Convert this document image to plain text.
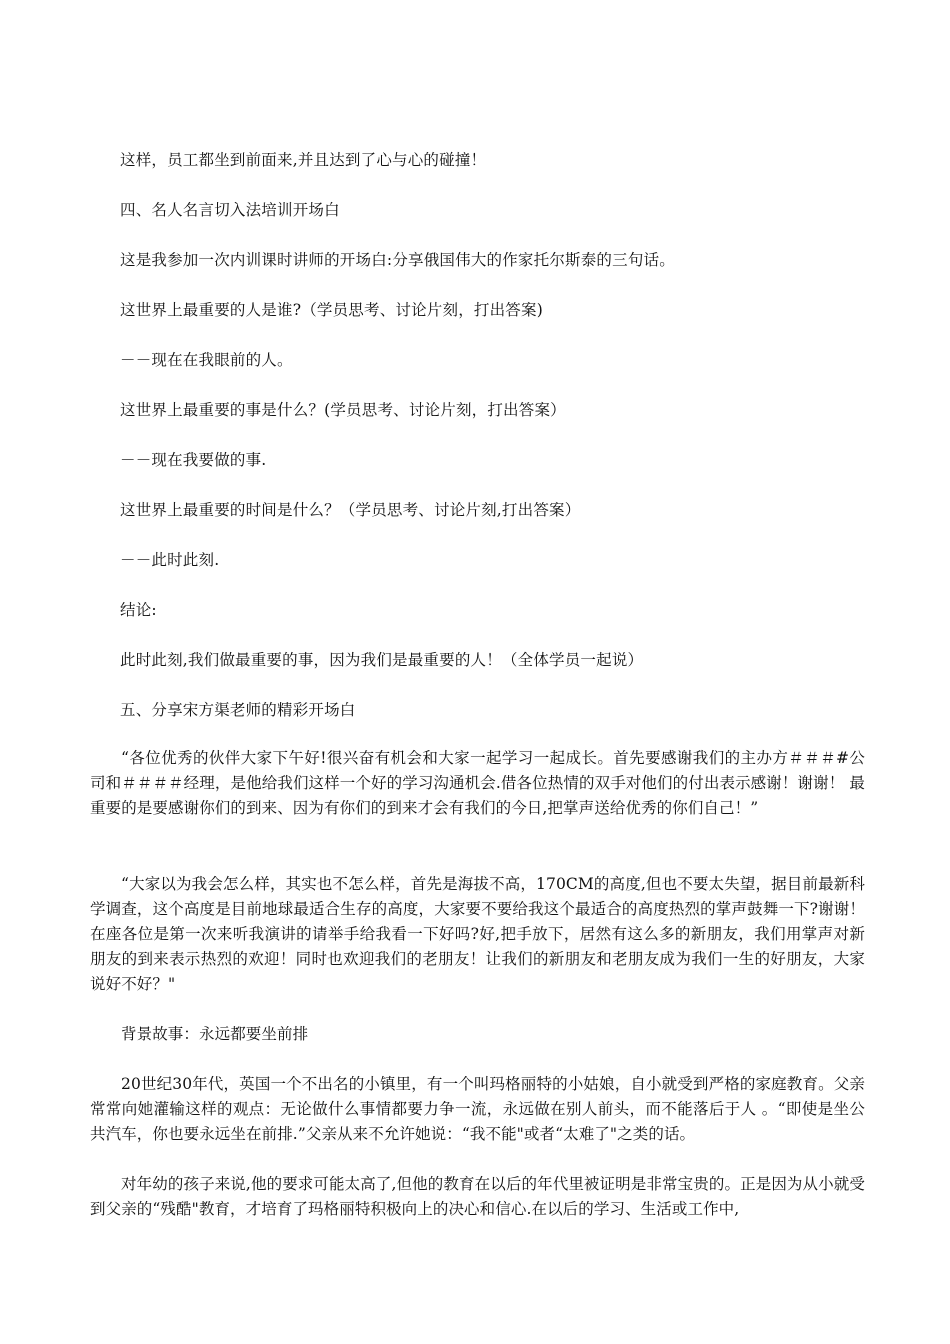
这样，员工都坐到前面来,并且达到了心与心的碰撞！
四、名人名言切入法培训开场白
这是我参加一次内训课时讲师的开场白:分享俄国伟大的作家托尔斯泰的三句话。
这世界上最重要的人是谁?（学员思考、讨论片刻，打出答案)
－－现在在我眼前的人。
这世界上最重要的事是什么？(学员思考、讨论片刻，打出答案）
－－现在我要做的事.
这世界上最重要的时间是什么？（学员思考、讨论片刻,打出答案）
－－此时此刻.
结论:
此时此刻,我们做最重要的事，因为我们是最重要的人！（全体学员一起说）
五、分享宋方渠老师的精彩开场白
“各位优秀的伙伴大家下午好!很兴奋有机会和大家一起学习一起成长。首先要感谢我们的主办方＃＃＃#公司和＃＃＃＃经理，是他给我们这样一个好的学习沟通机会.借各位热情的双手对他们的付出表示感谢！谢谢！ 最重要的是要感谢你们的到来、因为有你们的到来才会有我们的今日,把掌声送给优秀的你们自己！”
“大家以为我会怎么样，其实也不怎么样，首先是海拔不高，170CM的高度,但也不要太失望，据目前最新科学调查，这个高度是目前地球最适合生存的高度，大家要不要给我这个最适合的高度热烈的掌声鼓舞一下?谢谢！在座各位是第一次来听我演讲的请举手给我看一下好吗?好,把手放下，居然有这么多的新朋友，我们用掌声对新朋友的到来表示热烈的欢迎！同时也欢迎我们的老朋友！让我们的新朋友和老朋友成为我们一生的好朋友，大家说好不好？"
背景故事：永远都要坐前排
20世纪30年代，英国一个不出名的小镇里，有一个叫玛格丽特的小姑娘，自小就受到严格的家庭教育。父亲常常向她灌输这样的观点：无论做什么事情都要力争一流，永远做在别人前头，而不能落后于人 。“即使是坐公共汽车，你也要永远坐在前排.”父亲从来不允许她说：“我不能"或者“太难了"之类的话。
对年幼的孩子来说,他的要求可能太高了,但他的教育在以后的年代里被证明是非常宝贵的。正是因为从小就受到父亲的“残酷"教育，才培育了玛格丽特积极向上的决心和信心.在以后的学习、生活或工作中,
